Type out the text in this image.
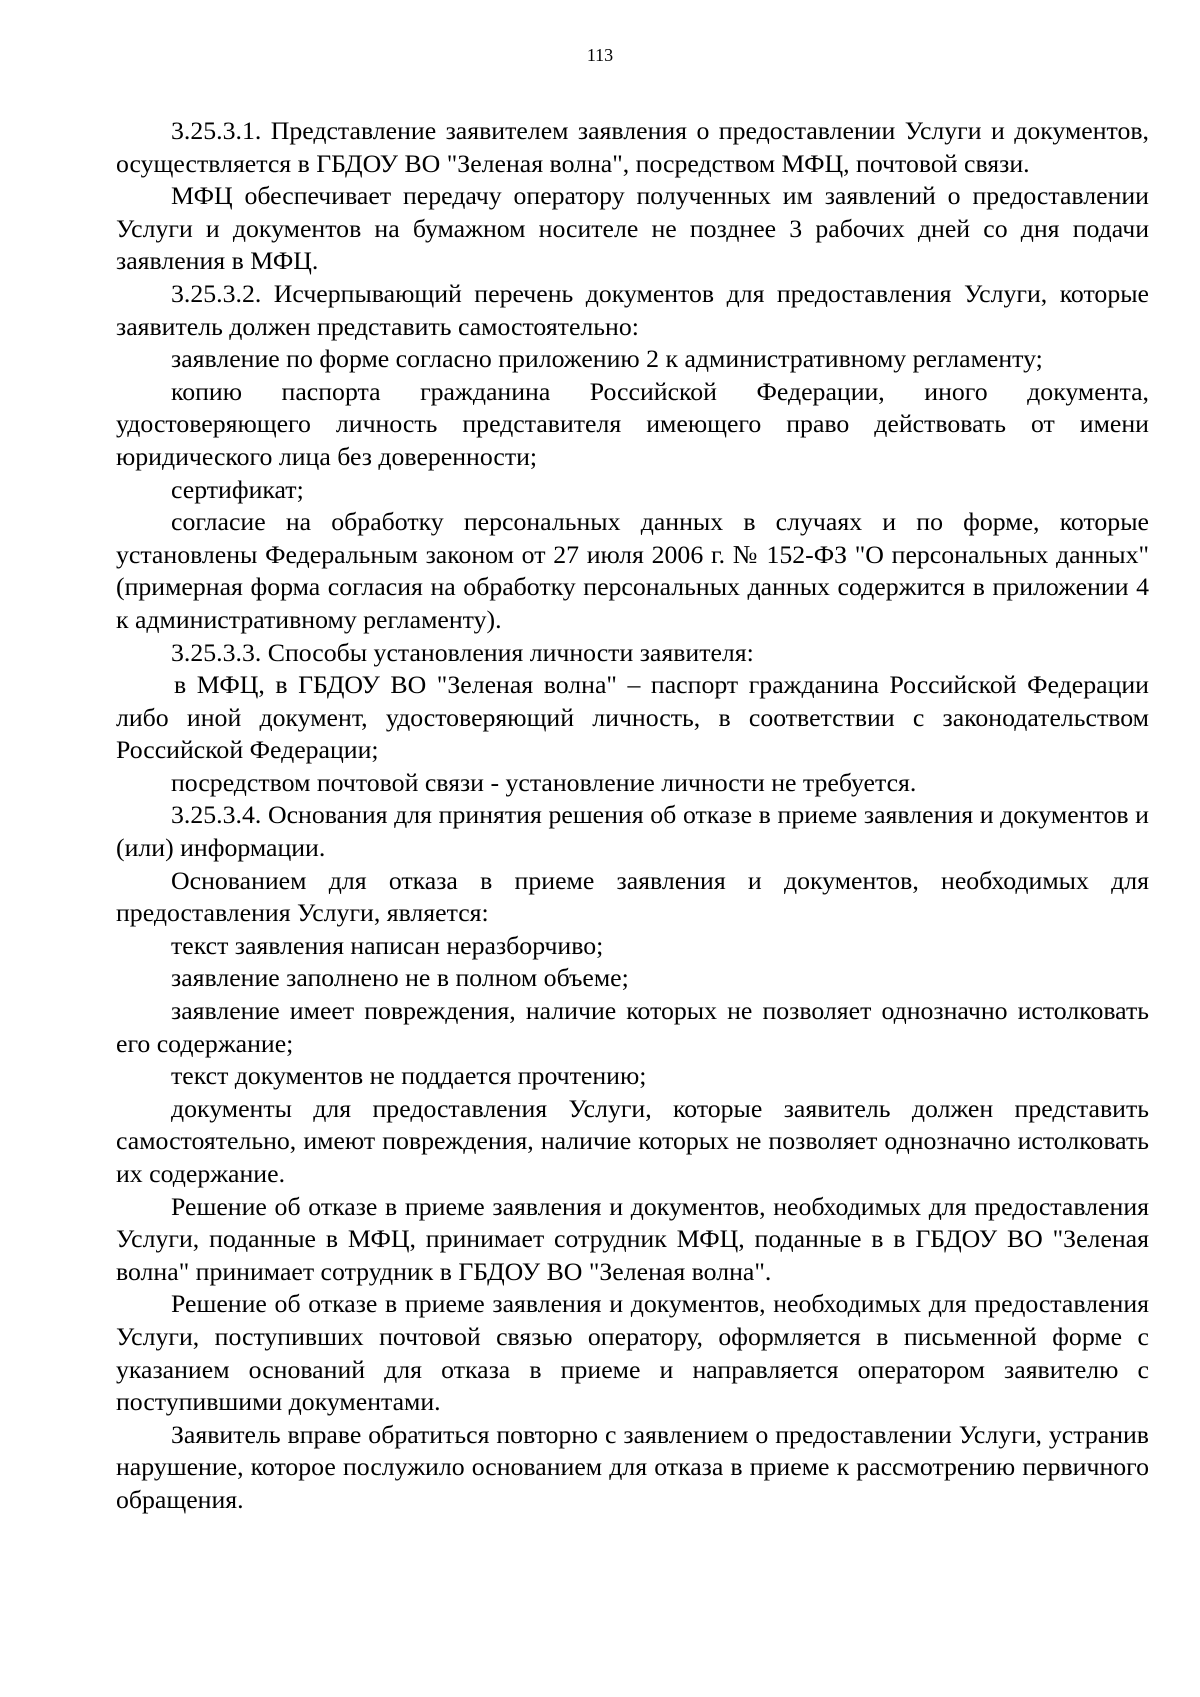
113

3.25.3.1. Представление заявителем заявления о предоставлении Услуги и документов, осуществляется в ГБДОУ ВО "Зеленая волна", посредством МФЦ, почтовой связи.

МФЦ обеспечивает передачу оператору полученных им заявлений о предоставлении Услуги и документов на бумажном носителе не позднее 3 рабочих дней со дня подачи заявления в МФЦ.

3.25.3.2. Исчерпывающий перечень документов для предоставления Услуги, которые заявитель должен представить самостоятельно:

заявление по форме согласно приложению 2 к административному регламенту;

копию паспорта гражданина Российской Федерации, иного документа, удостоверяющего личность представителя имеющего право действовать от имени юридического лица без доверенности;

сертификат;

согласие на обработку персональных данных в случаях и по форме, которые установлены Федеральным законом от 27 июля 2006 г. № 152-ФЗ "О персональных данных" (примерная форма согласия на обработку персональных данных содержится в приложении 4 к административному регламенту).

3.25.3.3. Способы установления личности заявителя:

в МФЦ, в ГБДОУ ВО "Зеленая волна" – паспорт гражданина Российской Федерации либо иной документ, удостоверяющий личность, в соответствии с законодательством Российской Федерации;

посредством почтовой связи - установление личности не требуется.

3.25.3.4. Основания для принятия решения об отказе в приеме заявления и документов и (или) информации.

Основанием для отказа в приеме заявления и документов, необходимых для предоставления Услуги, является:

текст заявления написан неразборчиво;

заявление заполнено не в полном объеме;

заявление имеет повреждения, наличие которых не позволяет однозначно истолковать его содержание;

текст документов не поддается прочтению;

документы для предоставления Услуги, которые заявитель должен представить самостоятельно, имеют повреждения, наличие которых не позволяет однозначно истолковать их содержание.

Решение об отказе в приеме заявления и документов, необходимых для предоставления Услуги, поданные в МФЦ, принимает сотрудник МФЦ, поданные в в ГБДОУ ВО "Зеленая волна" принимает сотрудник в ГБДОУ ВО "Зеленая волна".

Решение об отказе в приеме заявления и документов, необходимых для предоставления Услуги, поступивших почтовой связью оператору, оформляется в письменной форме с указанием оснований для отказа в приеме и направляется оператором заявителю с поступившими документами.

Заявитель вправе обратиться повторно с заявлением о предоставлении Услуги, устранив нарушение, которое послужило основанием для отказа в приеме к рассмотрению первичного обращения.
